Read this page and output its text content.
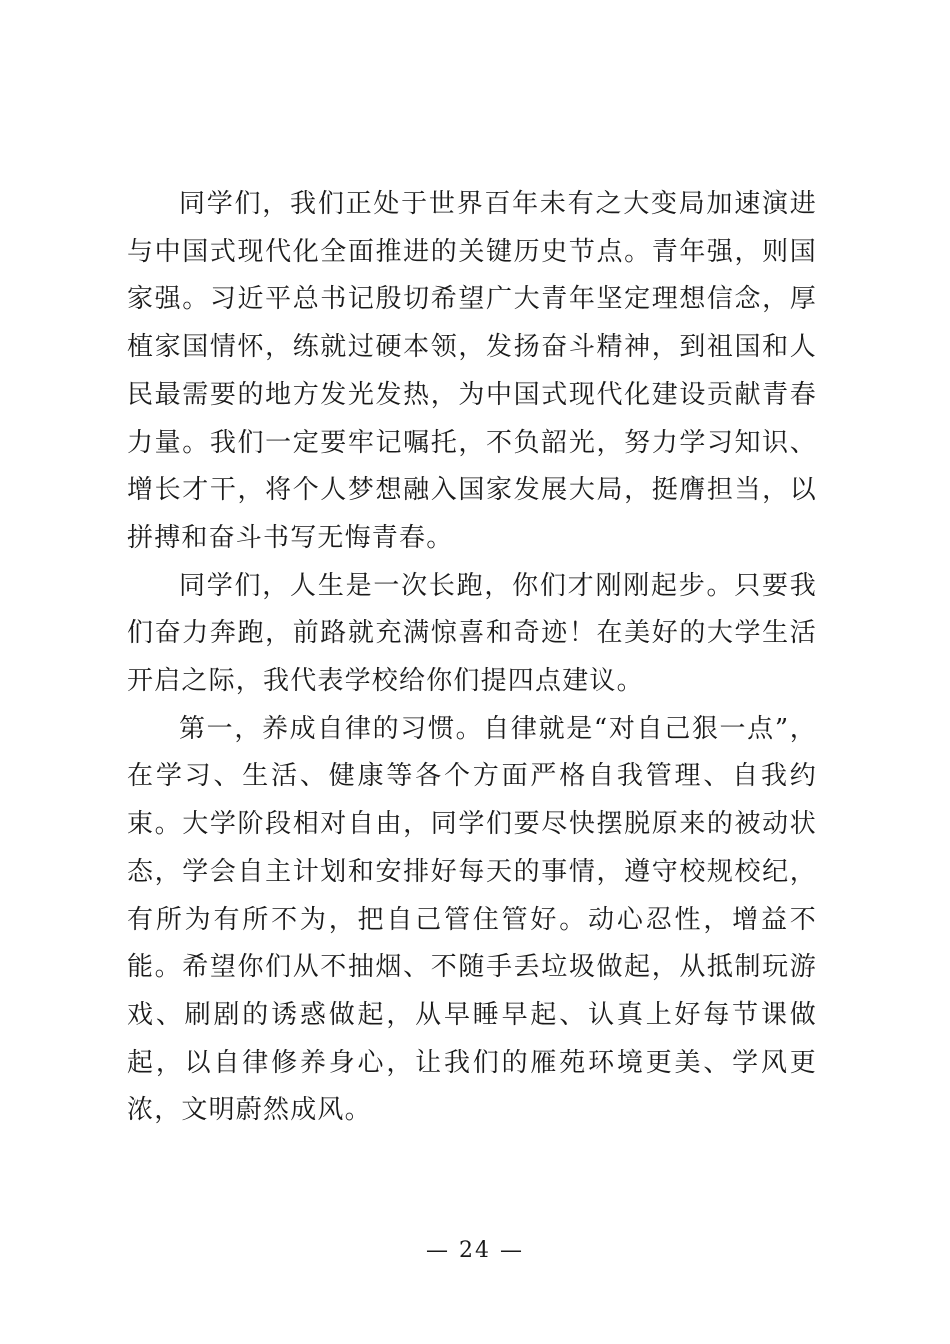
同学们，我们正处于世界百年未有之大变局加速演进与中国式现代化全面推进的关键历史节点。青年强，则国家强。习近平总书记殷切希望广大青年坚定理想信念，厚植家国情怀，练就过硬本领，发扬奋斗精神，到祖国和人民最需要的地方发光发热，为中国式现代化建设贡献青春力量。我们一定要牢记嘱托，不负韶光，努力学习知识、增长才干，将个人梦想融入国家发展大局，挺膺担当，以拼搏和奋斗书写无悔青春。

同学们，人生是一次长跑，你们才刚刚起步。只要我们奋力奔跑，前路就充满惊喜和奇迹！在美好的大学生活开启之际，我代表学校给你们提四点建议。

第一，养成自律的习惯。自律就是“对自己狠一点”，在学习、生活、健康等各个方面严格自我管理、自我约束。大学阶段相对自由，同学们要尽快摆脱原来的被动状态，学会自主计划和安排好每天的事情，遵守校规校纪，有所为有所不为，把自己管住管好。动心忍性，增益不能。希望你们从不抽烟、不随手丢垃圾做起，从抵制玩游戏、刷剧的诱惑做起，从早睡早起、认真上好每节课做起，以自律修养身心，让我们的雁苑环境更美、学风更浓，文明蔚然成风。

— 24 —
